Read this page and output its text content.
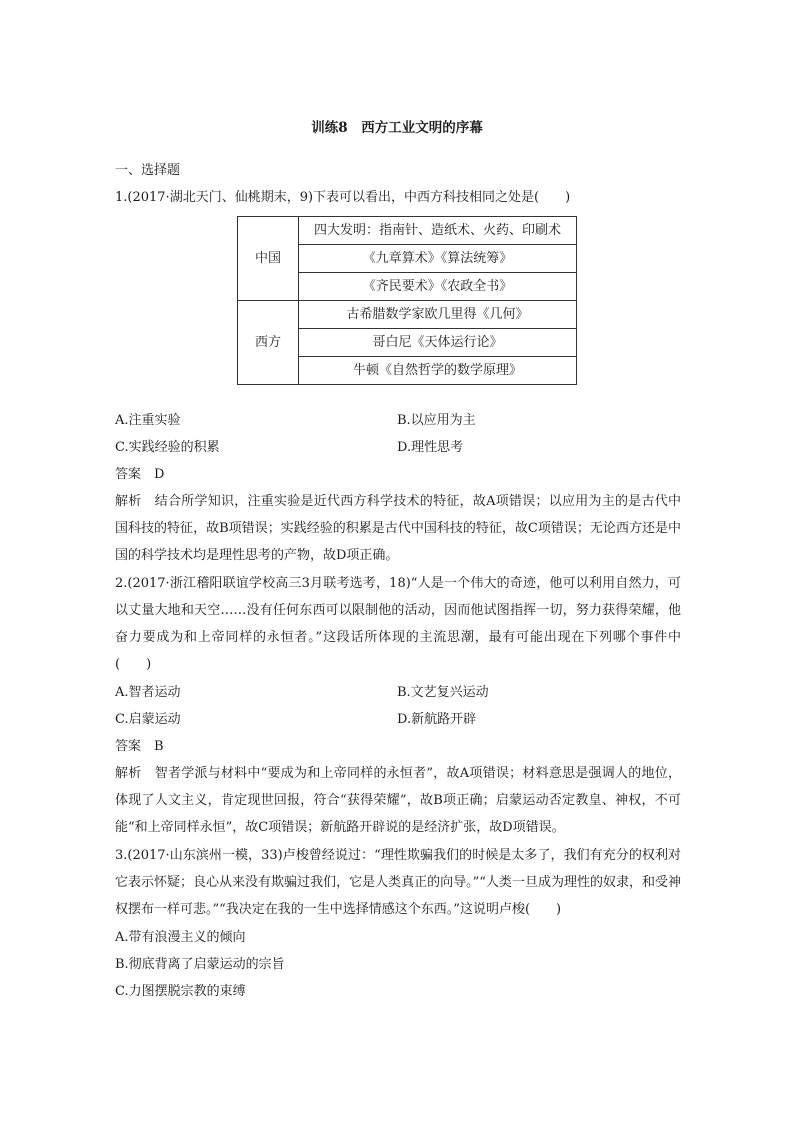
训练8　西方工业文明的序幕
一、选择题
1.(2017·湖北天门、仙桃期末，9)下表可以看出，中西方科技相同之处是(　　)
中国	四大发明：指南针、造纸术、火药、印刷术
	《九章算术》《算法统筹》
	《齐民要术》《农政全书》
西方	古希腊数学家欧几里得《几何》
	哥白尼《天体运行论》
	牛顿《自然哲学的数学原理》
A.注重实验	B.以应用为主
C.实践经验的积累	D.理性思考
答案　D
解析　结合所学知识，注重实验是近代西方科学技术的特征，故A项错误；以应用为主的是古代中国科技的特征，故B项错误；实践经验的积累是古代中国科技的特征，故C项错误；无论西方还是中国的科学技术均是理性思考的产物，故D项正确。
2.(2017·浙江稽阳联谊学校高三3月联考选考，18)“人是一个伟大的奇迹，他可以利用自然力，可以丈量大地和天空……没有任何东西可以限制他的活动，因而他试图指挥一切，努力获得荣耀，他奋力要成为和上帝同样的永恒者。”这段话所体现的主流思潮，最有可能出现在下列哪个事件中(　　)
A.智者运动	B.文艺复兴运动
C.启蒙运动	D.新航路开辟
答案　B
解析　智者学派与材料中“要成为和上帝同样的永恒者”，故A项错误；材料意思是强调人的地位，体现了人文主义，肯定现世回报，符合“获得荣耀”，故B项正确；启蒙运动否定教皇、神权，不可能“和上帝同样永恒”，故C项错误；新航路开辟说的是经济扩张，故D项错误。
3.(2017·山东滨州一模，33)卢梭曾经说过：“理性欺骗我们的时候是太多了，我们有充分的权利对它表示怀疑；良心从来没有欺骗过我们，它是人类真正的向导。”“人类一旦成为理性的奴隶，和受神权摆布一样可悲。”“我决定在我的一生中选择情感这个东西。”这说明卢梭(　　)
A.带有浪漫主义的倾向
B.彻底背离了启蒙运动的宗旨
C.力图摆脱宗教的束缚
